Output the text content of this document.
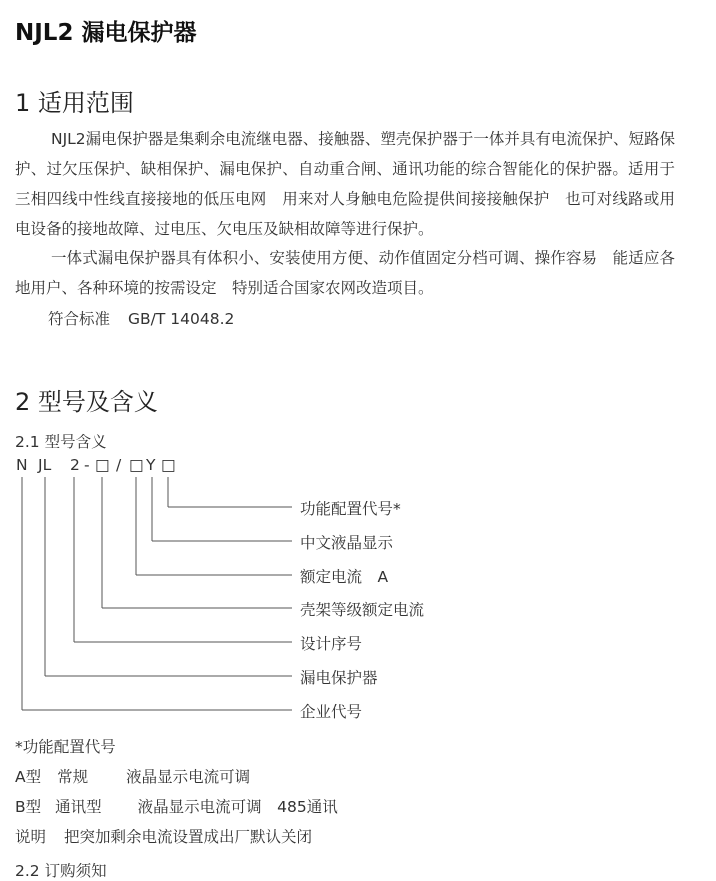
NJL2 漏电保护器
1 适用范围
NJL2漏电保护器是集剩余电流继电器、接触器、塑壳保护器于一体并具有电流保护、短路保护、过欠压保护、缺相保护、漏电保护、自动重合闸、通讯功能的综合智能化的保护器。适用于三相四线中性线直接接地的低压电网　用来对人身触电危险提供间接接触保护　也可对线路或用电设备的接地故障、过电压、欠电压及缺相故障等进行保护。
一体式漏电保护器具有体积小、安装使用方便、动作值固定分档可调、操作容易　能适应各地用户、各种环境的按需设定　特别适合国家农网改造项目。
符合标准 GB/T 14048.2
2 型号及含义
2.1 型号含义
N JL 2 - □ / □ Y □
功能配置代号*
中文液晶显示
额定电流　A
壳架等级额定电流
设计序号
漏电保护器
企业代号
*功能配置代号
A型 常规 液晶显示电流可调
B型 通讯型 液晶显示电流可调　485通讯
说明 把突加剩余电流设置成出厂默认关闭
2.2 订购须知
